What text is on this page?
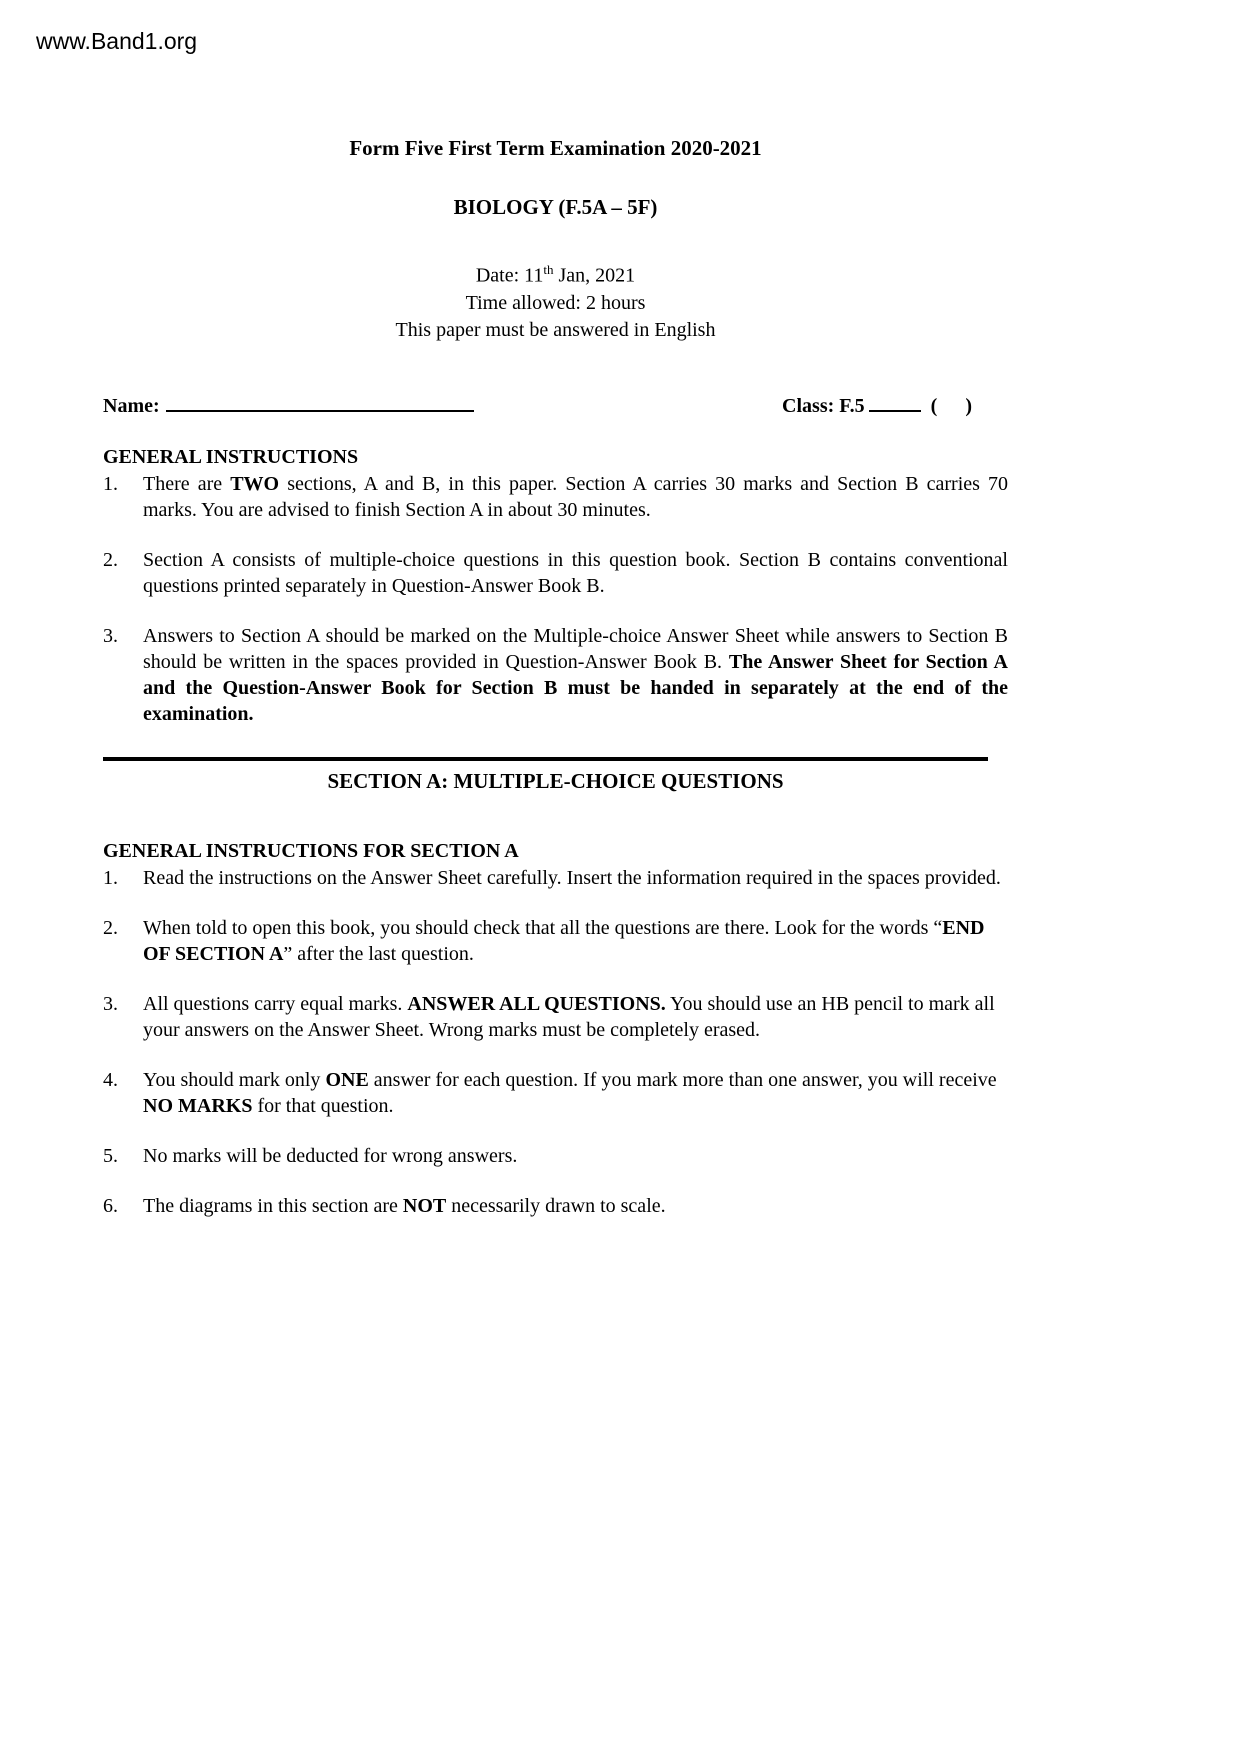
www.Band1.org
Form Five First Term Examination 2020-2021
BIOLOGY (F.5A – 5F)
Date: 11th Jan, 2021
Time allowed: 2 hours
This paper must be answered in English
Name:	Class: F.5	( )
GENERAL INSTRUCTIONS
1.	There are TWO sections, A and B, in this paper. Section A carries 30 marks and Section B carries 70 marks. You are advised to finish Section A in about 30 minutes.
2.	Section A consists of multiple-choice questions in this question book. Section B contains conventional questions printed separately in Question-Answer Book B.
3.	Answers to Section A should be marked on the Multiple-choice Answer Sheet while answers to Section B should be written in the spaces provided in Question-Answer Book B. The Answer Sheet for Section A and the Question-Answer Book for Section B must be handed in separately at the end of the examination.
SECTION A: MULTIPLE-CHOICE QUESTIONS
GENERAL INSTRUCTIONS FOR SECTION A
1.	Read the instructions on the Answer Sheet carefully. Insert the information required in the spaces provided.
2.	When told to open this book, you should check that all the questions are there. Look for the words “END OF SECTION A” after the last question.
3.	All questions carry equal marks. ANSWER ALL QUESTIONS. You should use an HB pencil to mark all your answers on the Answer Sheet. Wrong marks must be completely erased.
4.	You should mark only ONE answer for each question. If you mark more than one answer, you will receive NO MARKS for that question.
5.	No marks will be deducted for wrong answers.
6.	The diagrams in this section are NOT necessarily drawn to scale.
